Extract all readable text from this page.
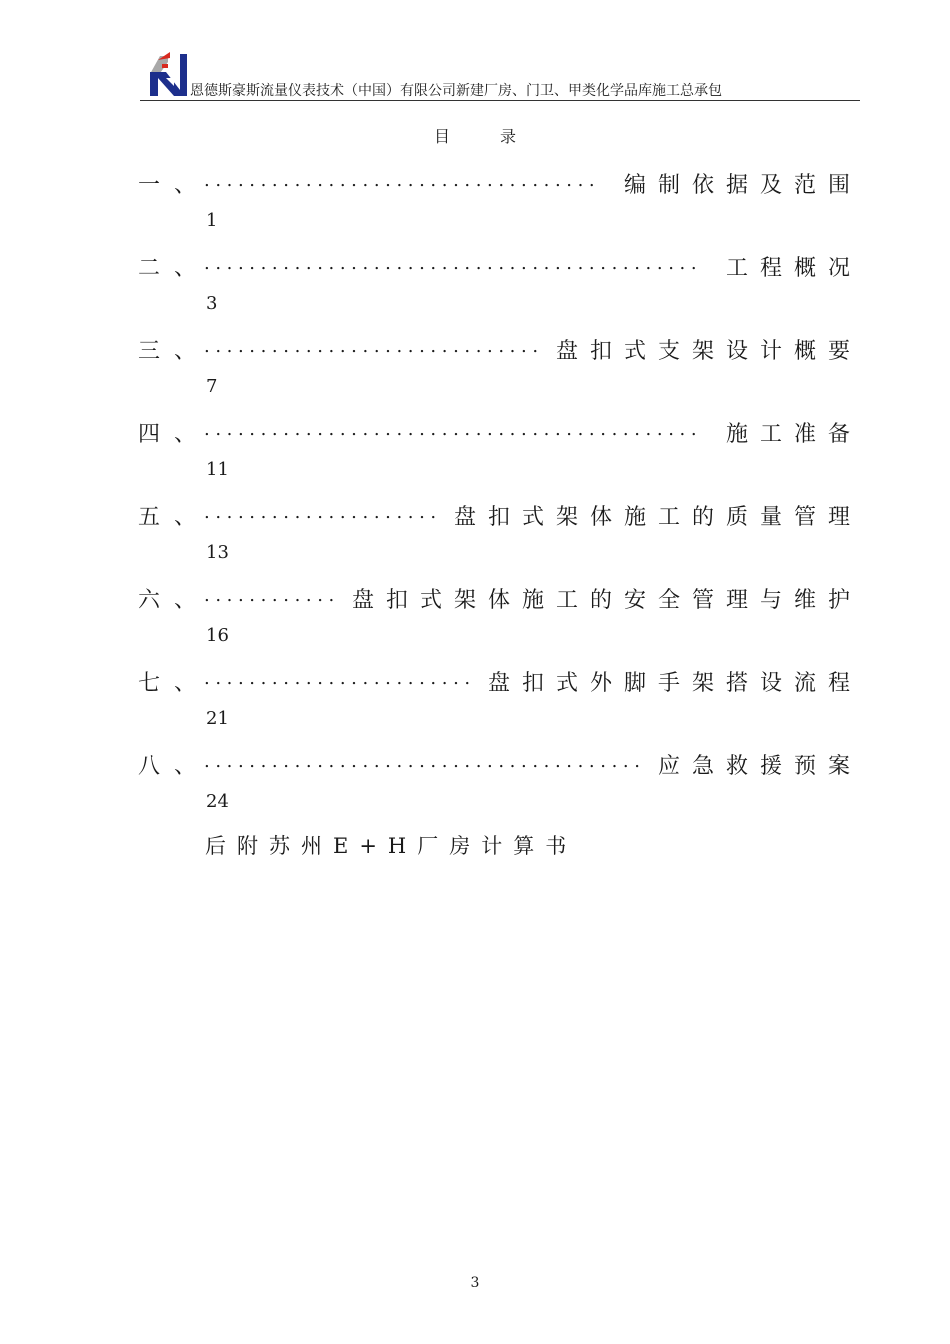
恩德斯豪斯流量仪表技术（中国）有限公司新建厂房、门卫、甲类化学品库施工总承包
目录
一、
................................... 编制依据及范围
1
二、
............................................ 工程概况
3
三、
.............................. 盘扣式支架设计概要
7
四、
............................................ 施工准备
11
五、
..................... 盘扣式架体施工的质量管理
13
六、
............ 盘扣式架体施工的安全管理与维护
16
七、
........................ 盘扣式外脚手架搭设流程
21
八、
....................................... 应急救援预案
24
后附苏州E+H厂房计算书
3
